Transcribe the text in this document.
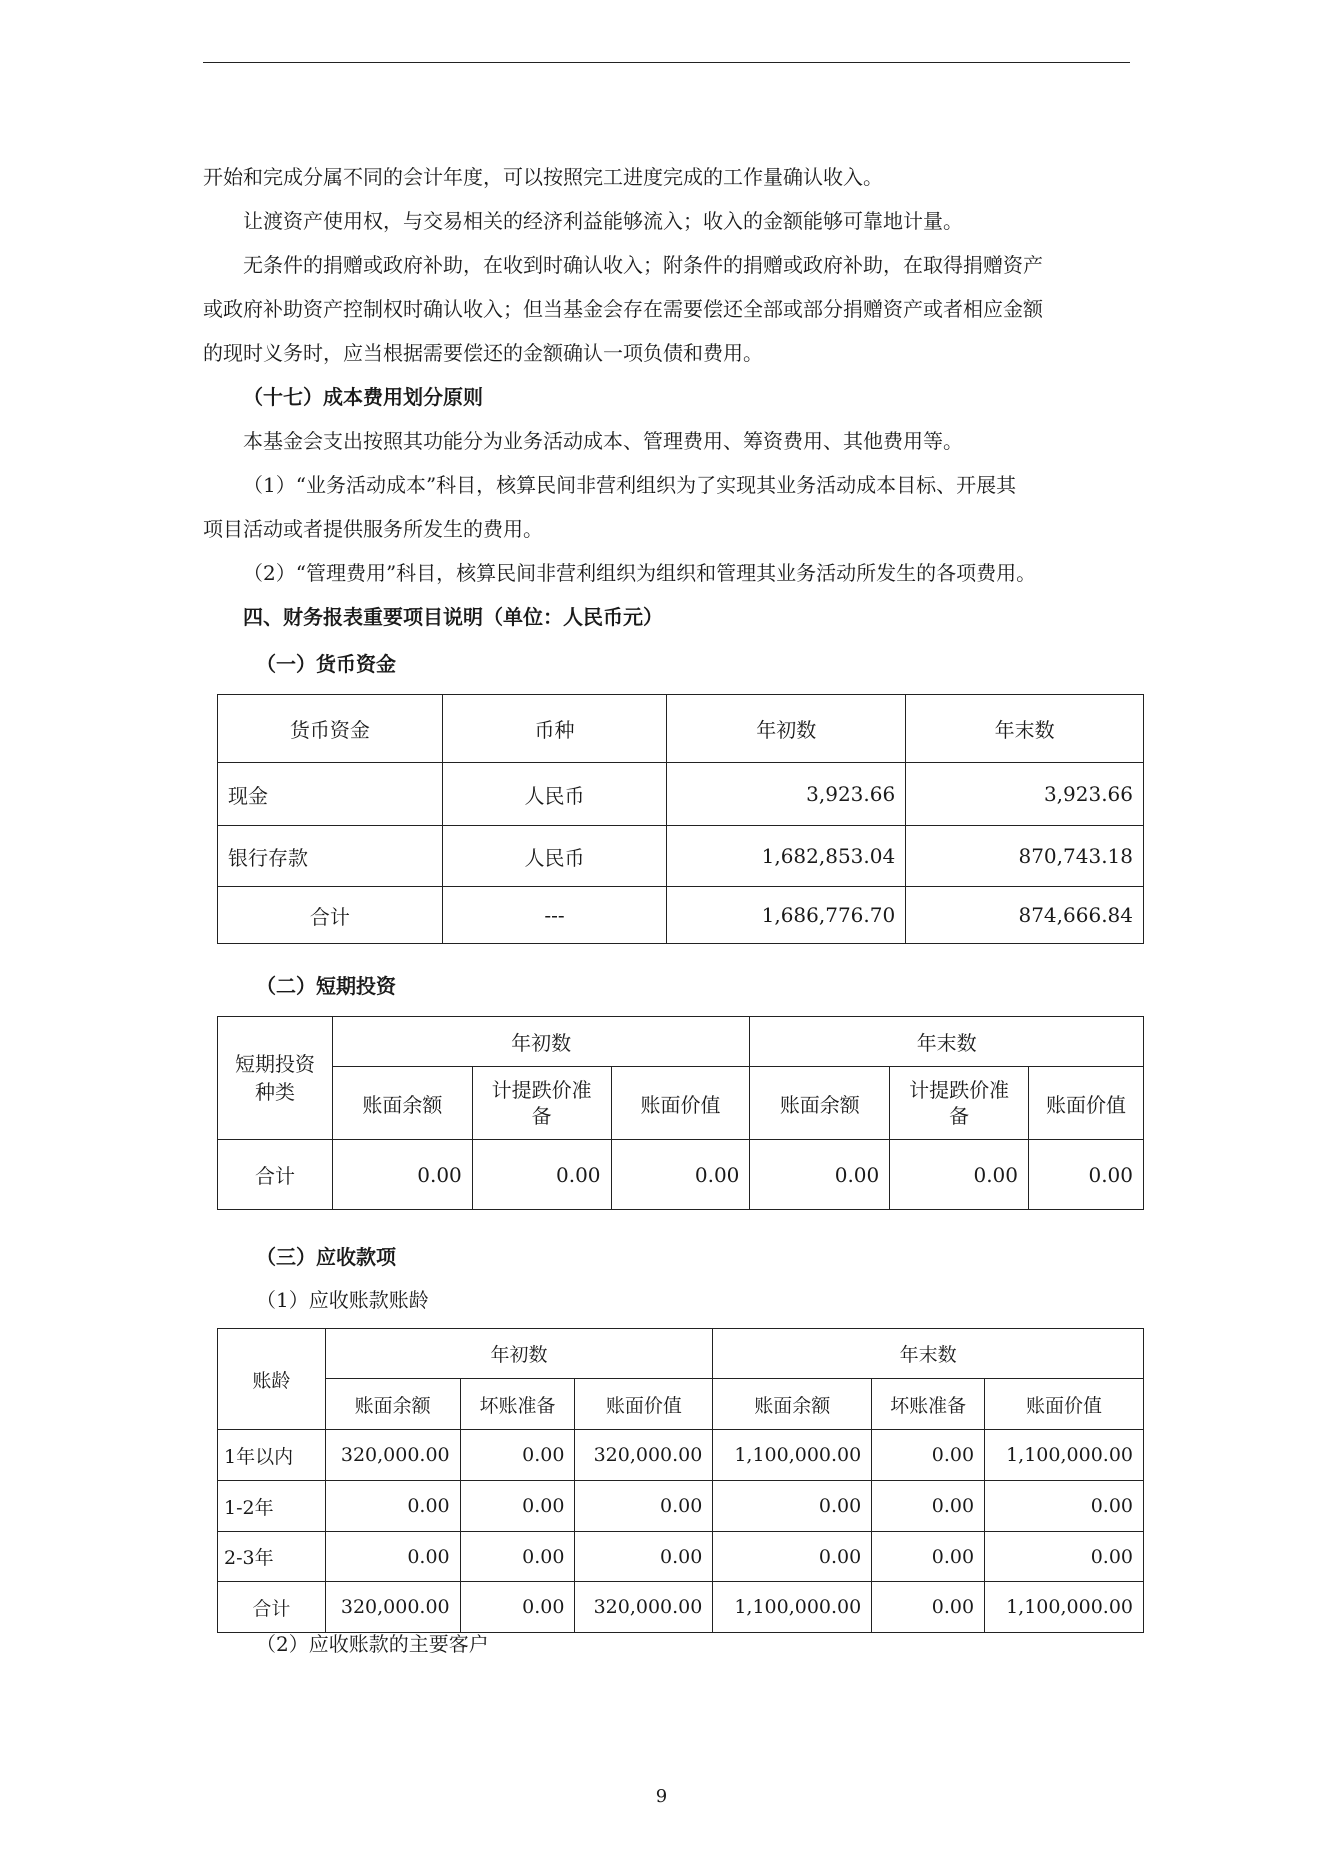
开始和完成分属不同的会计年度，可以按照完工进度完成的工作量确认收入。

让渡资产使用权，与交易相关的经济利益能够流入；收入的金额能够可靠地计量。

无条件的捐赠或政府补助，在收到时确认收入；附条件的捐赠或政府补助，在取得捐赠资产

或政府补助资产控制权时确认收入；但当基金会存在需要偿还全部或部分捐赠资产或者相应金额

的现时义务时，应当根据需要偿还的金额确认一项负债和费用。

（十七）成本费用划分原则

本基金会支出按照其功能分为业务活动成本、管理费用、筹资费用、其他费用等。

（1）“业务活动成本”科目，核算民间非营利组织为了实现其业务活动成本目标、开展其

项目活动或者提供服务所发生的费用。

（2）“管理费用”科目，核算民间非营利组织为组织和管理其业务活动所发生的各项费用。

四、财务报表重要项目说明（单位：人民币元）

（一）货币资金
货币资金	币种	年初数	年末数
现金	人民币	3,923.66	3,923.66
银行存款	人民币	1,682,853.04	870,743.18
合计	---	1,686,776.70	874,666.84
（二）短期投资
短期投资
种类	年初数			年末数		
	账面余额	计提跌价准备	账面价值	账面余额	计提跌价准备	账面价值
合计	0.00	0.00	0.00	0.00	0.00	0.00
（三）应收款项
（1）应收账款账龄
账龄	年初数			年末数		
	账面余额	坏账准备	账面价值	账面余额	坏账准备	账面价值
1年以内	320,000.00	0.00	320,000.00	1,100,000.00	0.00	1,100,000.00
1-2年	0.00	0.00	0.00	0.00	0.00	0.00
2-3年	0.00	0.00	0.00	0.00	0.00	0.00
合计	320,000.00	0.00	320,000.00	1,100,000.00	0.00	1,100,000.00
（2）应收账款的主要客户
9
